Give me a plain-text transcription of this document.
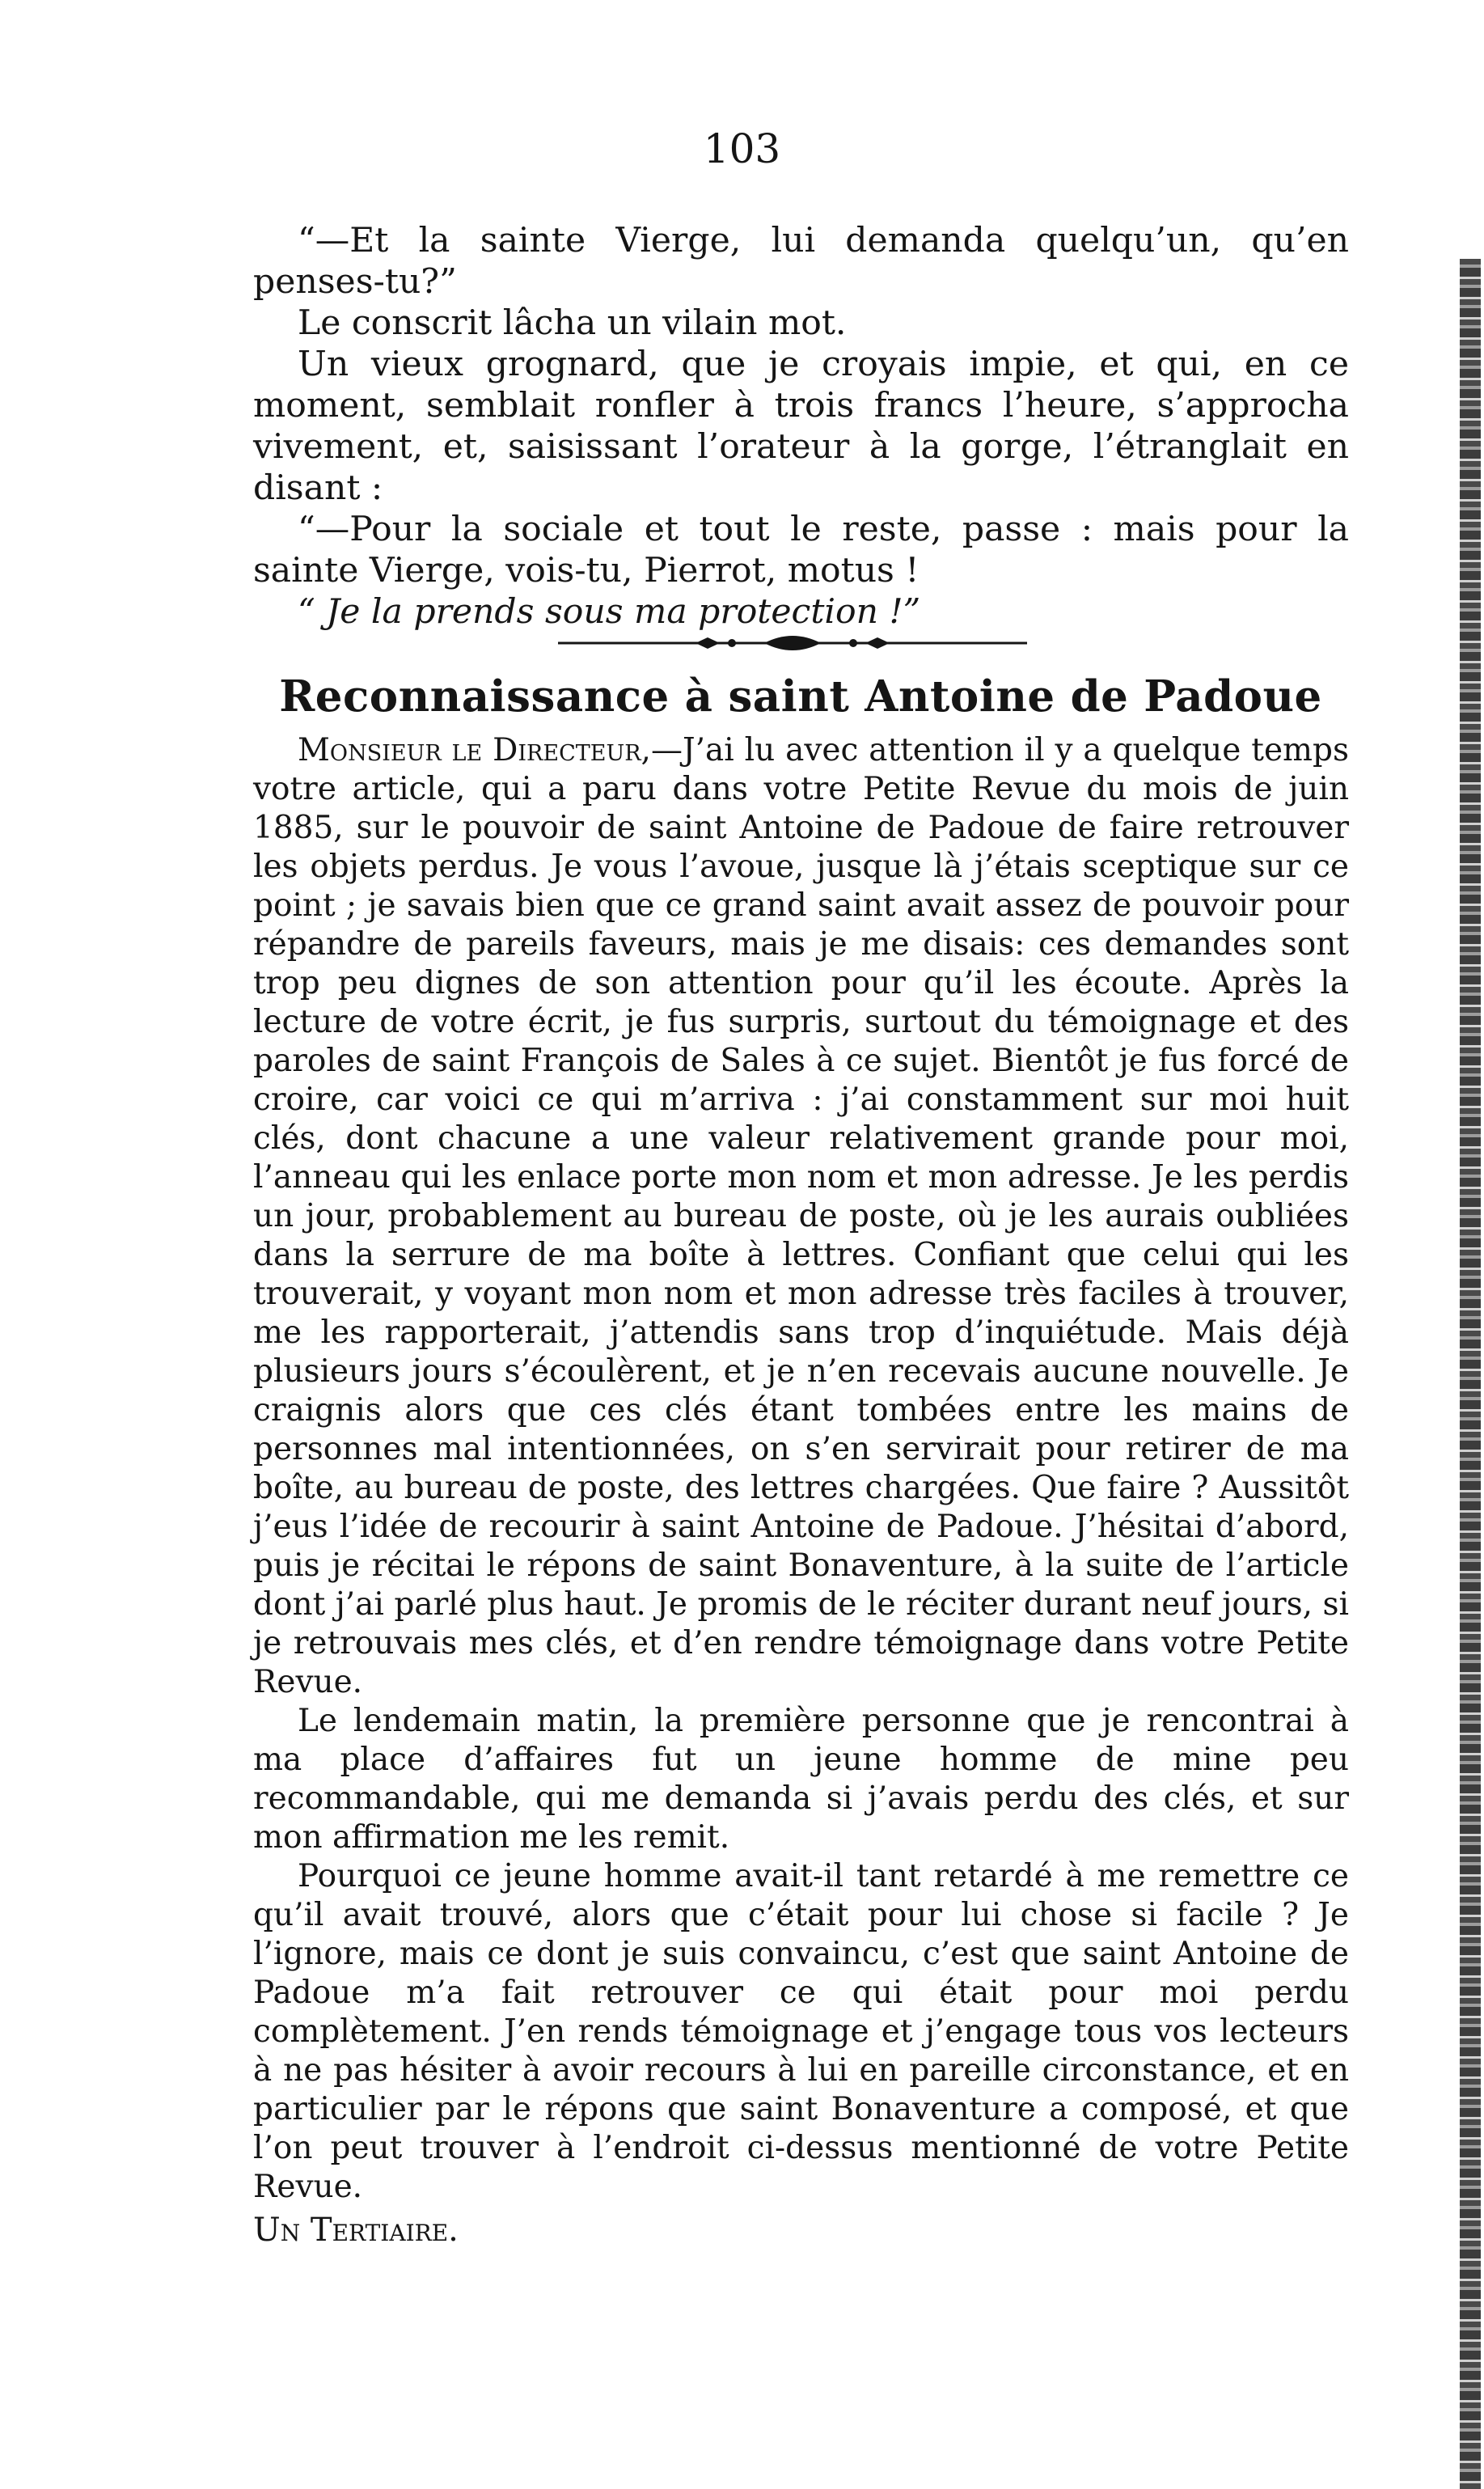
103

“—Et la sainte Vierge, lui demanda quelqu’un, qu’en penses-tu?”

Le conscrit lâcha un vilain mot.

Un vieux grognard, que je croyais impie, et qui, en ce moment, semblait ronfler à trois francs l’heure, s’approcha vivement, et, saisissant l’orateur à la gorge, l’étranglait en disant :

“—Pour la sociale et tout le reste, passe : mais pour la sainte Vierge, vois-tu, Pierrot, motus !

“ Je la prends sous ma protection !”

Reconnaissance à saint Antoine de Padoue

Monsieur le Directeur,—J’ai lu avec attention il y a quelque temps votre article, qui a paru dans votre Petite Revue du mois de juin 1885, sur le pouvoir de saint Antoine de Padoue de faire retrouver les objets perdus. Je vous l’avoue, jusque là j’étais sceptique sur ce point ; je savais bien que ce grand saint avait assez de pouvoir pour répandre de pareils faveurs, mais je me disais: ces demandes sont trop peu dignes de son attention pour qu’il les écoute. Après la lecture de votre écrit, je fus surpris, surtout du témoignage et des paroles de saint François de Sales à ce sujet. Bientôt je fus forcé de croire, car voici ce qui m’arriva : j’ai constamment sur moi huit clés, dont chacune a une valeur relativement grande pour moi, l’anneau qui les enlace porte mon nom et mon adresse. Je les perdis un jour, probablement au bureau de poste, où je les aurais oubliées dans la serrure de ma boîte à lettres. Confiant que celui qui les trouverait, y voyant mon nom et mon adresse très faciles à trouver, me les rapporterait, j’attendis sans trop d’inquiétude. Mais déjà plusieurs jours s’écoulèrent, et je n’en recevais aucune nouvelle. Je craignis alors que ces clés étant tombées entre les mains de personnes mal intentionnées, on s’en servirait pour retirer de ma boîte, au bureau de poste, des lettres chargées. Que faire ? Aussitôt j’eus l’idée de recourir à saint Antoine de Padoue. J’hésitai d’abord, puis je récitai le répons de saint Bonaventure, à la suite de l’article dont j’ai parlé plus haut. Je promis de le réciter durant neuf jours, si je retrouvais mes clés, et d’en rendre témoignage dans votre Petite Revue.

Le lendemain matin, la première personne que je rencontrai à ma place d’affaires fut un jeune homme de mine peu recommandable, qui me demanda si j’avais perdu des clés, et sur mon affirmation me les remit.

Pourquoi ce jeune homme avait-il tant retardé à me remettre ce qu’il avait trouvé, alors que c’était pour lui chose si facile ? Je l’ignore, mais ce dont je suis convaincu, c’est que saint Antoine de Padoue m’a fait retrouver ce qui était pour moi perdu complètement. J’en rends témoignage et j’engage tous vos lecteurs à ne pas hésiter à avoir recours à lui en pareille circonstance, et en particulier par le répons que saint Bonaventure a composé, et que l’on peut trouver à l’endroit ci-dessus mentionné de votre Petite Revue.

Un Tertiaire.
